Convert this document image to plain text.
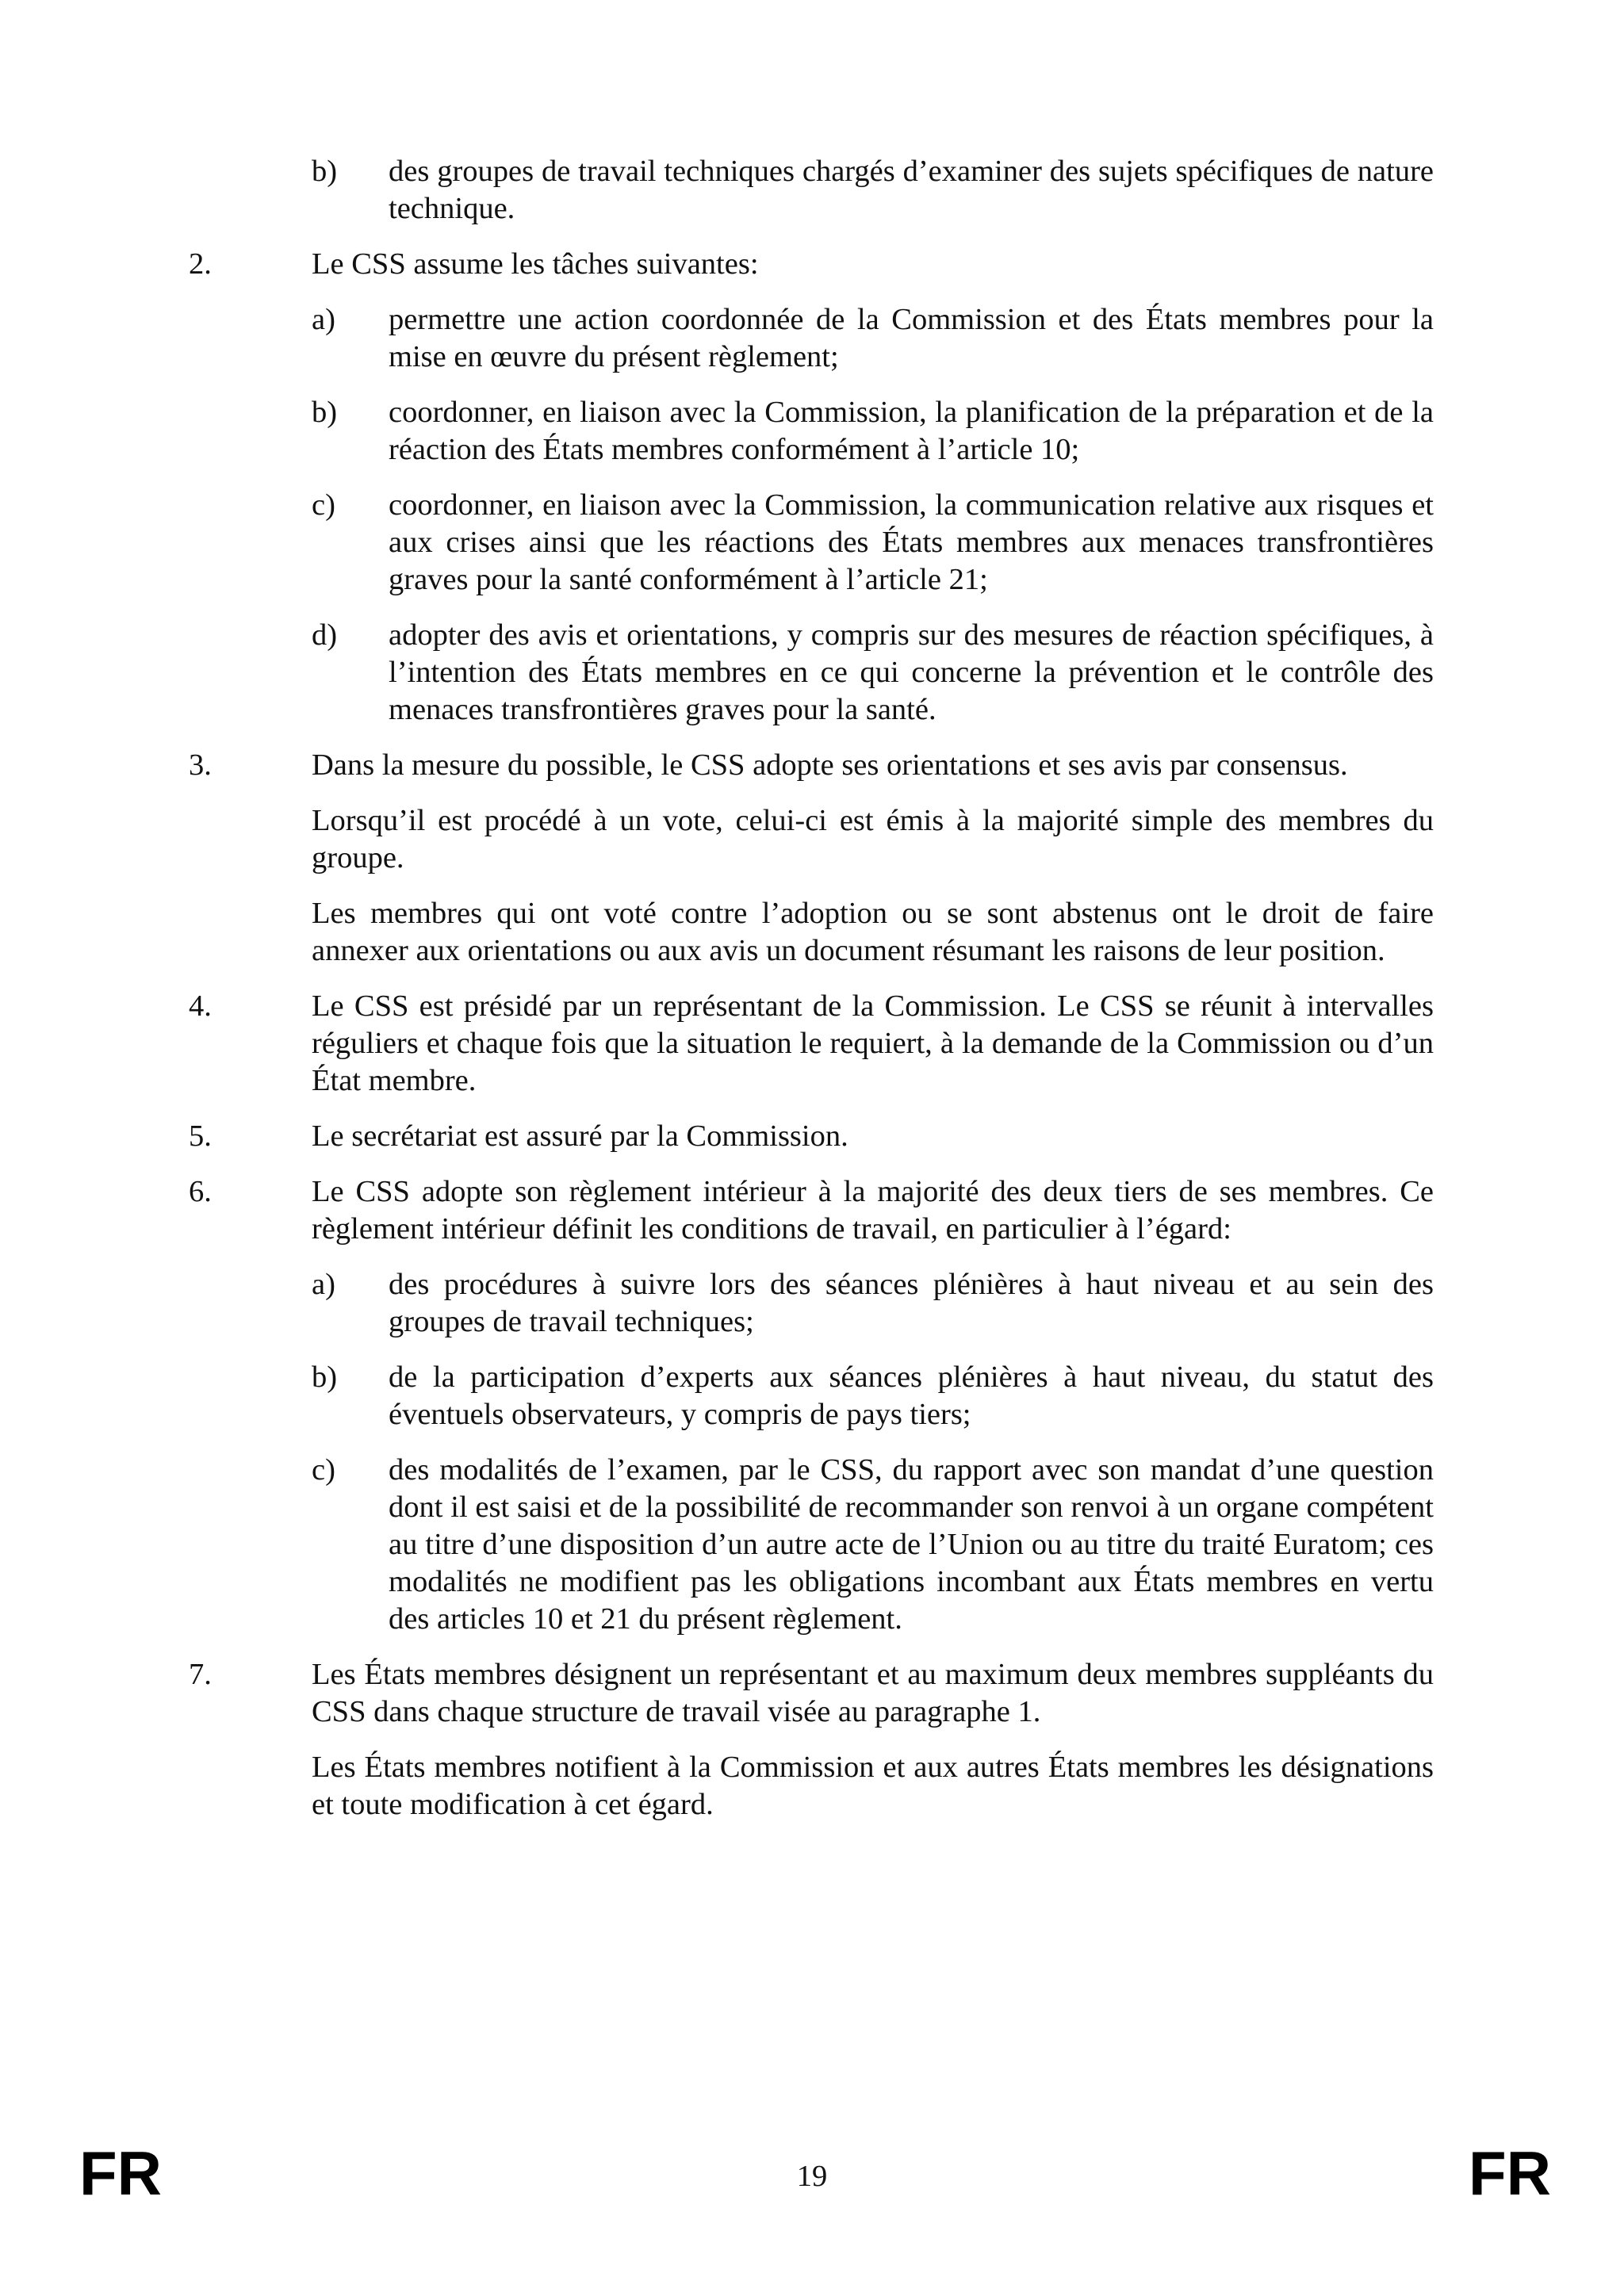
b) des groupes de travail techniques chargés d’examiner des sujets spécifiques de nature technique.
2.	Le CSS assume les tâches suivantes:
a) permettre une action coordonnée de la Commission et des États membres pour la mise en œuvre du présent règlement;
b) coordonner, en liaison avec la Commission, la planification de la préparation et de la réaction des États membres conformément à l’article 10;
c) coordonner, en liaison avec la Commission, la communication relative aux risques et aux crises ainsi que les réactions des États membres aux menaces transfrontières graves pour la santé conformément à l’article 21;
d) adopter des avis et orientations, y compris sur des mesures de réaction spécifiques, à l’intention des États membres en ce qui concerne la prévention et le contrôle des menaces transfrontières graves pour la santé.
3.	Dans la mesure du possible, le CSS adopte ses orientations et ses avis par consensus.
Lorsqu’il est procédé à un vote, celui-ci est émis à la majorité simple des membres du groupe.
Les membres qui ont voté contre l’adoption ou se sont abstenus ont le droit de faire annexer aux orientations ou aux avis un document résumant les raisons de leur position.
4.	Le CSS est présidé par un représentant de la Commission. Le CSS se réunit à intervalles réguliers et chaque fois que la situation le requiert, à la demande de la Commission ou d’un État membre.
5.	Le secrétariat est assuré par la Commission.
6.	Le CSS adopte son règlement intérieur à la majorité des deux tiers de ses membres. Ce règlement intérieur définit les conditions de travail, en particulier à l’égard:
a) des procédures à suivre lors des séances plénières à haut niveau et au sein des groupes de travail techniques;
b) de la participation d’experts aux séances plénières à haut niveau, du statut des éventuels observateurs, y compris de pays tiers;
c) des modalités de l’examen, par le CSS, du rapport avec son mandat d’une question dont il est saisi et de la possibilité de recommander son renvoi à un organe compétent au titre d’une disposition d’un autre acte de l’Union ou au titre du traité Euratom; ces modalités ne modifient pas les obligations incombant aux États membres en vertu des articles 10 et 21 du présent règlement.
7.	Les États membres désignent un représentant et au maximum deux membres suppléants du CSS dans chaque structure de travail visée au paragraphe 1.
Les États membres notifient à la Commission et aux autres États membres les désignations et toute modification à cet égard.
FR	19	FR
